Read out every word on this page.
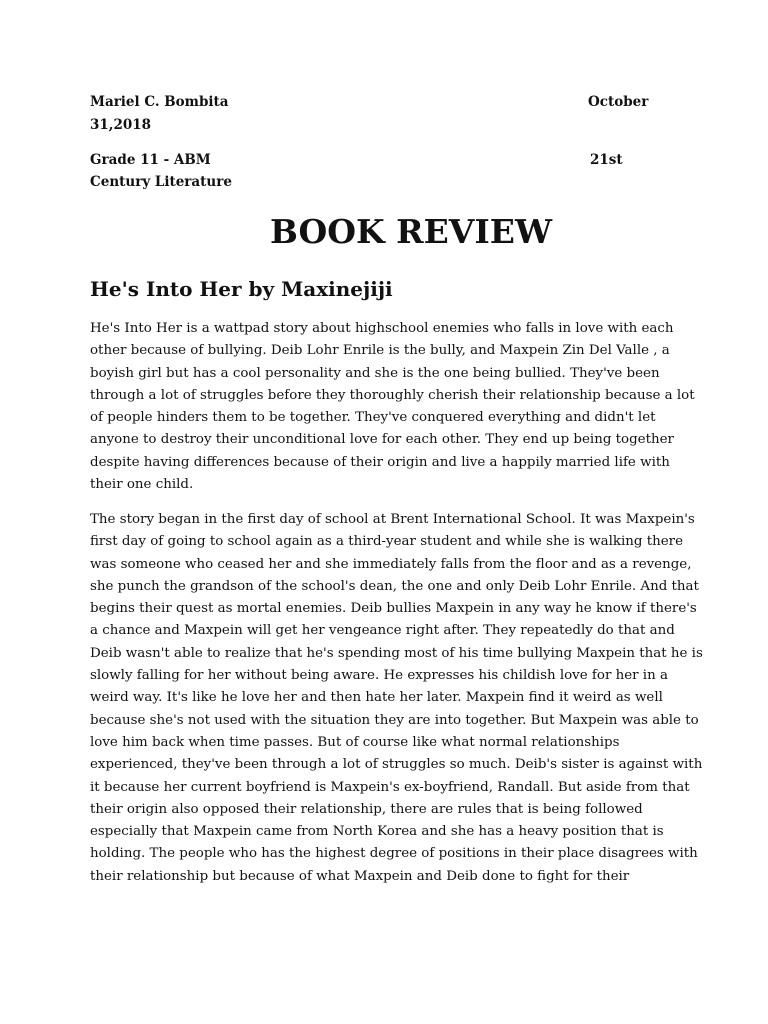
Mariel C. Bombita	October
31,2018
Grade 11 - ABM	21st
Century Literature
BOOK REVIEW
He's Into Her by Maxinejiji
He's Into Her is a wattpad story about highschool enemies who falls in love with each
other because of bullying. Deib Lohr Enrile is the bully, and Maxpein Zin Del Valle , a
boyish girl but has a cool personality and she is the one being bullied. They've been
through a lot of struggles before they thoroughly cherish their relationship because a lot
of people hinders them to be together. They've conquered everything and didn't let
anyone to destroy their unconditional love for each other. They end up being together
despite having differences because of their origin and live a happily married life with
their one child.
The story began in the first day of school at Brent International School. It was Maxpein's
first day of going to school again as a third-year student and while she is walking there
was someone who ceased her and she immediately falls from the floor and as a revenge,
she punch the grandson of the school's dean, the one and only Deib Lohr Enrile. And that
begins their quest as mortal enemies. Deib bullies Maxpein in any way he know if there's
a chance and Maxpein will get her vengeance right after. They repeatedly do that and
Deib wasn't able to realize that he's spending most of his time bullying Maxpein that he is
slowly falling for her without being aware. He expresses his childish love for her in a
weird way. It's like he love her and then hate her later. Maxpein find it weird as well
because she's not used with the situation they are into together. But Maxpein was able to
love him back when time passes. But of course like what normal relationships
experienced, they've been through a lot of struggles so much. Deib's sister is against with
it because her current boyfriend is Maxpein's ex-boyfriend, Randall. But aside from that
their origin also opposed their relationship, there are rules that is being followed
especially that Maxpein came from North Korea and she has a heavy position that is
holding. The people who has the highest degree of positions in their place disagrees with
their relationship but because of what Maxpein and Deib done to fight for their
